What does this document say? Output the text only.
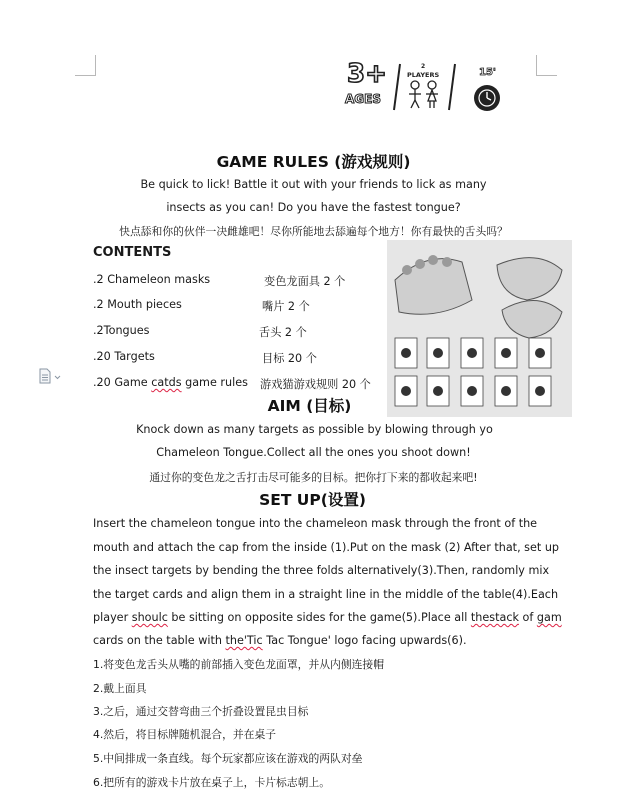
3+
AGES
2
PLAYERS	15'
GAME RULES (游戏规则)
Be quick to lick! Battle it out with your friends to lick as many
insects as you can! Do you have the fastest tongue?
快点舔和你的伙伴一决雌雄吧！尽你所能地去舔遍每个地方！你有最快的舌头吗？
CONTENTS
.2 Chameleon masks	变色龙面具 2 个
.2 Mouth pieces	嘴片 2 个
.2Tongues	舌头 2 个
.20 Targets	目标 20 个
.20 Game catds game rules 游戏猫游戏规则 20 个
AIM (目标)
Knock down as many targets as possible by blowing through yo
Chameleon Tongue.Collect all the ones you shoot down!
通过你的变色龙之舌打击尽可能多的目标。把你打下来的都收起来吧!
SET UP(设置)
Insert the chameleon tongue into the chameleon mask through the front of the
mouth and attach the cap from the inside (1).Put on the mask (2) After that, set up
the insect targets by bending the three folds alternatively(3).Then, randomly mix
the target cards and align them in a straight line in the middle of the table(4).Each
player shoulc be sitting on opposite sides for the game(5).Place all thestack of gam
cards on the table with the'Tic Tac Tongue' logo facing upwards(6).
1.将变色龙舌头从嘴的前部插入变色龙面罩，并从内侧连接帽
2.戴上面具
3.之后，通过交替弯曲三个折叠设置昆虫目标
4.然后，将目标牌随机混合，并在桌子
5.中间排成一条直线。每个玩家都应该在游戏的两队对垒
6.把所有的游戏卡片放在桌子上，卡片标志朝上。
